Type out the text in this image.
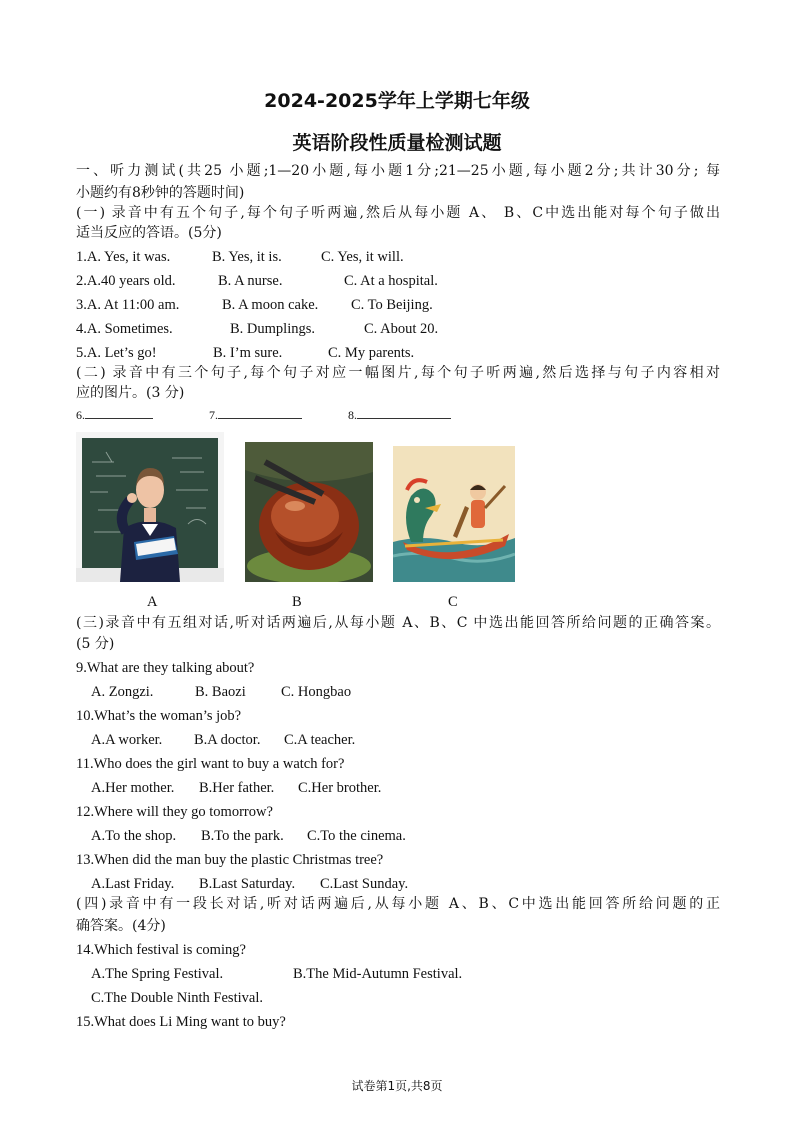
2024-2025学年上学期七年级
英语阶段性质量检测试题
一、听力测试(共25 小题;1—20小题,每小题1分;21—25小题,每小题2分;共计30分; 每
小题约有8秒钟的答题时间)
(一) 录音中有五个句子,每个句子听两遍,然后从每小题 A、 B、C中选出能对每个句子做出
适当反应的答语。(5分)
1.A. Yes, it was.	B. Yes, it is.	C. Yes, it will.
2.A.40 years old.	B. A nurse.	C. At a hospital.
3.A. At 11:00 am.	B. A moon cake. C. To Beijing.
4.A. Sometimes.	B. Dumplings.	C. About 20.
5.A. Let’s go!	B. I’m sure.	C. My parents.
(二) 录音中有三个句子,每个句子对应一幅图片,每个句子听两遍,然后选择与句子内容相对
应的图片。(3 分)
6.	7.	8.
A	B	C
(三)录音中有五组对话,听对话两遍后,从每小题 A、B、C 中选出能回答所给问题的正确答案。
(5 分)
9.What are they talking about?
A. Zongzi.	B. Baozi C. Hongbao
10.What’s the woman’s job?
A.A worker. B.A doctor. C.A teacher.
11.Who does the girl want to buy a watch for?
A.Her mother. B.Her father. C.Her brother.
12.Where will they go tomorrow?
A.To the shop. B.To the park. C.To the cinema.
13.When did the man buy the plastic Christmas tree?
A.Last Friday. B.Last Saturday. C.Last Sunday.
(四)录音中有一段长对话,听对话两遍后,从每小题 A、B、C中选出能回答所给问题的正
确答案。(4分)
14.Which festival is coming?
A.The Spring Festival.	B.The Mid-Autumn Festival.
C.The Double Ninth Festival.
15.What does Li Ming want to buy?
试卷第1页,共8页
